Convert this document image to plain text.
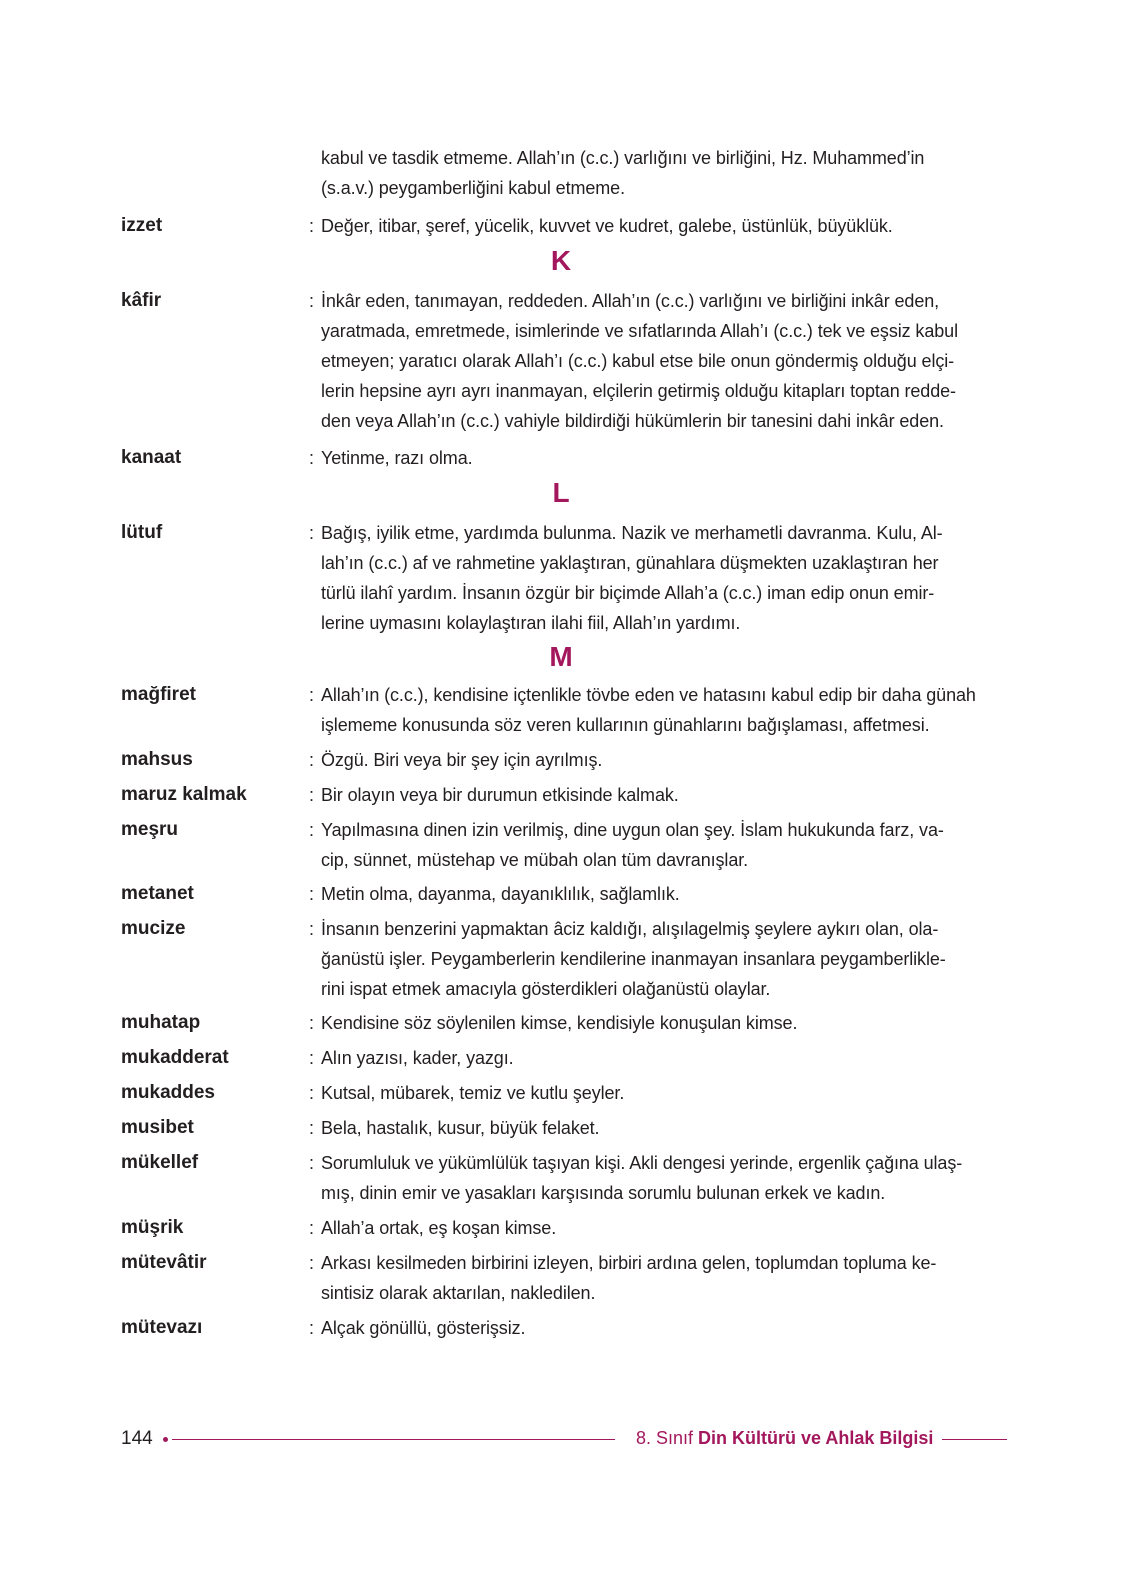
kabul ve tasdik etmeme. Allah’ın (c.c.) varlığını ve birliğini, Hz. Muhammed’in
(s.a.v.) peygamberliğini kabul etmeme.
izzet	: Değer, itibar, şeref, yücelik, kuvvet ve kudret, galebe, üstünlük, büyüklük.
K
kâfir	: İnkâr eden, tanımayan, reddeden. Allah’ın (c.c.) varlığını ve birliğini inkâr eden,
yaratmada, emretmede, isimlerinde ve sıfatlarında Allah’ı (c.c.) tek ve eşsiz kabul
etmeyen; yaratıcı olarak Allah’ı (c.c.) kabul etse bile onun göndermiş olduğu elçi-
lerin hepsine ayrı ayrı inanmayan, elçilerin getirmiş olduğu kitapları toptan redde-
den veya Allah’ın (c.c.) vahiyle bildirdiği hükümlerin bir tanesini dahi inkâr eden.
kanaat	: Yetinme, razı olma.
L
lütuf	: Bağış, iyilik etme, yardımda bulunma. Nazik ve merhametli davranma. Kulu, Al-
lah’ın (c.c.) af ve rahmetine yaklaştıran, günahlara düşmekten uzaklaştıran her
türlü ilahî yardım. İnsanın özgür bir biçimde Allah’a (c.c.) iman edip onun emir-
lerine uymasını kolaylaştıran ilahi fiil, Allah’ın yardımı.
M
mağfiret	: Allah’ın (c.c.), kendisine içtenlikle tövbe eden ve hatasını kabul edip bir daha günah
işlememe konusunda söz veren kullarının günahlarını bağışlaması, affetmesi.
mahsus	: Özgü. Biri veya bir şey için ayrılmış.
maruz kalmak	: Bir olayın veya bir durumun etkisinde kalmak.
meşru	: Yapılmasına dinen izin verilmiş, dine uygun olan şey. İslam hukukunda farz, va-
cip, sünnet, müstehap ve mübah olan tüm davranışlar.
metanet	: Metin olma, dayanma, dayanıklılık, sağlamlık.
mucize	: İnsanın benzerini yapmaktan âciz kaldığı, alışılagelmiş şeylere aykırı olan, ola-
ğanüstü işler. Peygamberlerin kendilerine inanmayan insanlara peygamberlikle-
rini ispat etmek amacıyla gösterdikleri olağanüstü olaylar.
muhatap	: Kendisine söz söylenilen kimse, kendisiyle konuşulan kimse.
mukadderat	: Alın yazısı, kader, yazgı.
mukaddes	: Kutsal, mübarek, temiz ve kutlu şeyler.
musibet	: Bela, hastalık, kusur, büyük felaket.
mükellef	: Sorumluluk ve yükümlülük taşıyan kişi. Akli dengesi yerinde, ergenlik çağına ulaş-
mış, dinin emir ve yasakları karşısında sorumlu bulunan erkek ve kadın.
müşrik	: Allah’a ortak, eş koşan kimse.
mütevâtir	: Arkası kesilmeden birbirini izleyen, birbiri ardına gelen, toplumdan topluma ke-
sintisiz olarak aktarılan, nakledilen.
mütevazı	: Alçak gönüllü, gösterişsiz.
144	8. Sınıf Din Kültürü ve Ahlak Bilgisi
